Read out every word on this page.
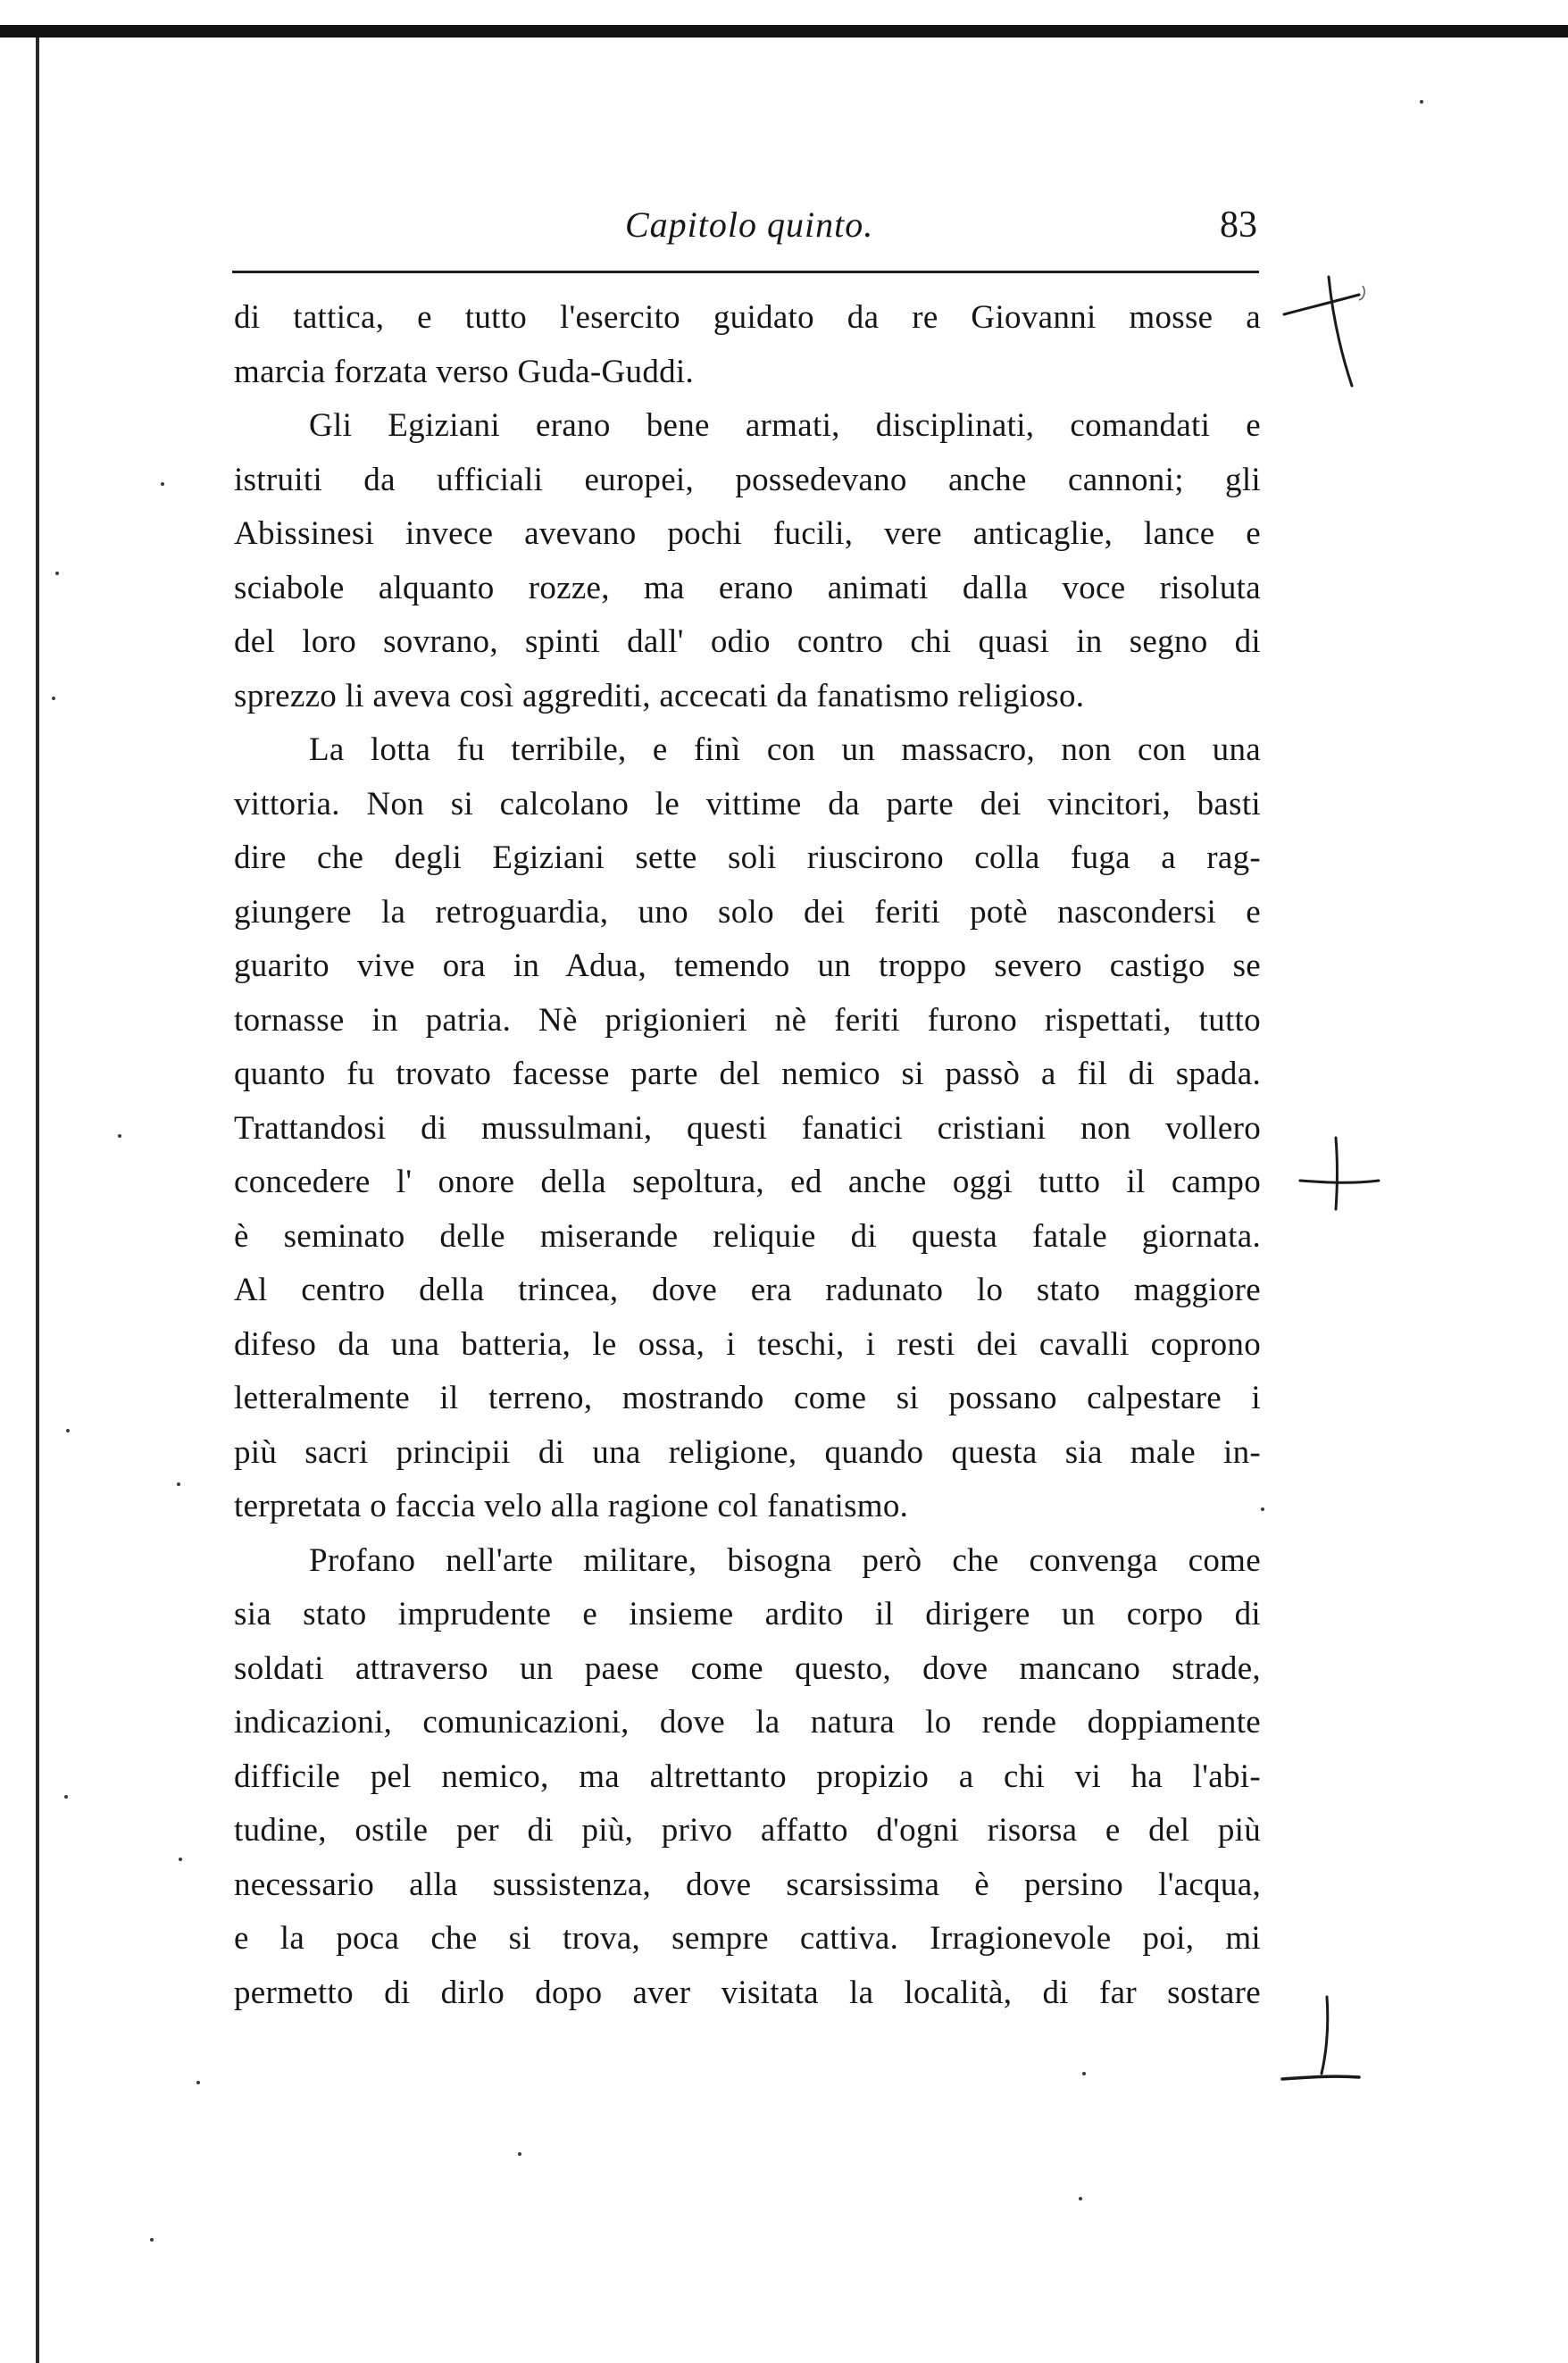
Capitolo quinto.	83
di tattica, e tutto l'esercito guidato da re Giovanni mosse a
marcia forzata verso Guda-Guddi.
Gli Egiziani erano bene armati, disciplinati, comandati e
istruiti da ufficiali europei, possedevano anche cannoni; gli
Abissinesi invece avevano pochi fucili, vere anticaglie, lance e
sciabole alquanto rozze, ma erano animati dalla voce risoluta
del loro sovrano, spinti dall' odio contro chi quasi in segno di
sprezzo li aveva così aggrediti, accecati da fanatismo religioso.
La lotta fu terribile, e finì con un massacro, non con una
vittoria. Non si calcolano le vittime da parte dei vincitori, basti
dire che degli Egiziani sette soli riuscirono colla fuga a rag-
giungere la retroguardia, uno solo dei feriti potè nascondersi e
guarito vive ora in Adua, temendo un troppo severo castigo se
tornasse in patria. Nè prigionieri nè feriti furono rispettati, tutto
quanto fu trovato facesse parte del nemico si passò a fil di spada.
Trattandosi di mussulmani, questi fanatici cristiani non vollero
concedere l' onore della sepoltura, ed anche oggi tutto il campo
è seminato delle miserande reliquie di questa fatale giornata.
Al centro della trincea, dove era radunato lo stato maggiore
difeso da una batteria, le ossa, i teschi, i resti dei cavalli coprono
letteralmente il terreno, mostrando come si possano calpestare i
più sacri principii di una religione, quando questa sia male in-
terpretata o faccia velo alla ragione col fanatismo.
Profano nell'arte militare, bisogna però che convenga come
sia stato imprudente e insieme ardito il dirigere un corpo di
soldati attraverso un paese come questo, dove mancano strade,
indicazioni, comunicazioni, dove la natura lo rende doppiamente
difficile pel nemico, ma altrettanto propizio a chi vi ha l'abi-
tudine, ostile per di più, privo affatto d'ogni risorsa e del più
necessario alla sussistenza, dove scarsissima è persino l'acqua,
e la poca che si trova, sempre cattiva. Irragionevole poi, mi
permetto di dirlo dopo aver visitata la località, di far sostare
